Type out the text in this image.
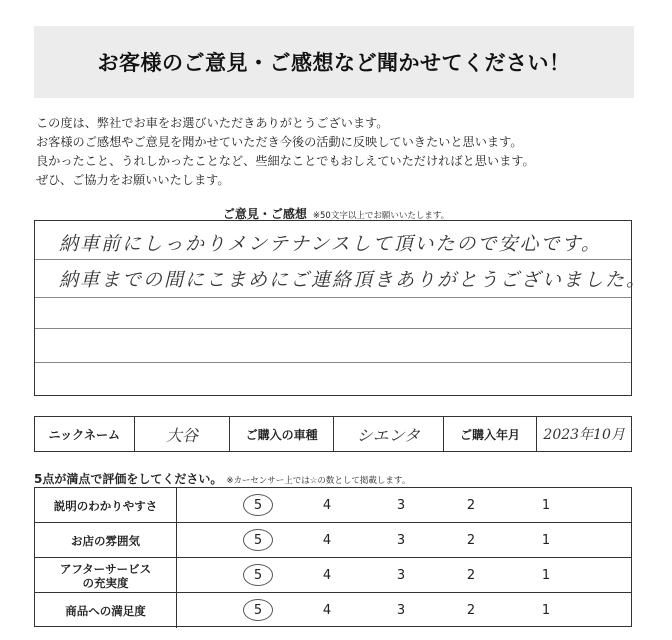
お客様のご意見・ご感想など聞かせてください！

この度は、弊社でお車をお選びいただきありがとうございます。

お客様のご感想やご意見を聞かせていただき今後の活動に反映していきたいと思います。

良かったこと、うれしかったことなど、些細なことでもおしえていただければと思います。

ぜひ、ご協力をお願いいたします。

ご意見・ご感想 ※50文字以上でお願いいたします。
納車前にしっかりメンテナンスして頂いたので安心です。
納車までの間にこまめにご連絡頂きありがとうございました。
ニックネーム	大谷	ご購入の車種	シエンタ	ご購入年月	2023年10月
5点が満点で評価をしてください。 ※カーセンサー上では☆の数として掲載します。
説明のわかりやすさ	5	4	3	2	1
お店の雰囲気	5	4	3	2	1
アフターサービス
の充実度	5	4	3	2	1
商品への満足度	5	4	3	2	1
